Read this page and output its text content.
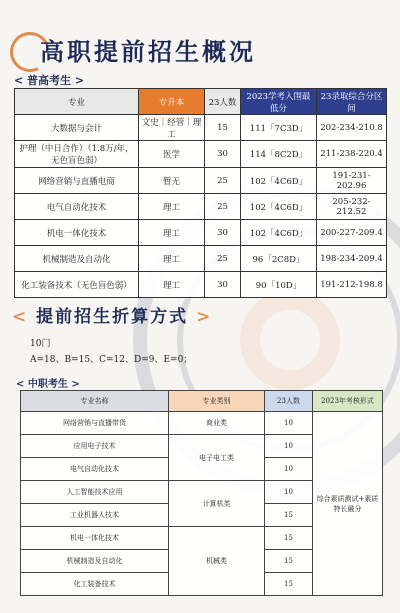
高职提前招生概况
< 普高考生 >
专业	专升本	23人数	2023学考入围最低分	23录取综合分区间
大数据与会计	文史｜经管｜理工	15	111「7C3D」	202-234-210.8
护理（中日合作）（1.8万/年，无色盲色弱）	医学	30	114「8C2D」	211-238-220.4
网络营销与直播电商	暂无	25	102「4C6D」	191-231-202.96
电气自动化技术	理工	25	102「4C6D」	205-232-212.52
机电一体化技术	理工	30	102「4C6D」	200-227-209.4
机械制造及自动化	理工	25	96「2C8D」	198-234-209.4
化工装备技术（无色盲色弱）	理工	30	90「10D」	191-212-198.8
< 提前招生折算方式 >
10门
A=18、B=15、C=12、D=9、E=0；
< 中职考生 >
专业名称	专业类别	23人数	2023年考核形式
网络营销与直播带货	商业类	10	综合素质测试+素质特长融分
应用电子技术	电子电工类	10	
电气自动化技术		10	
人工智能技术应用	计算机类	10	
工业机器人技术		15	
机电一体化技术	机械类	15	
机械制造及自动化		15	
化工装备技术		15	
